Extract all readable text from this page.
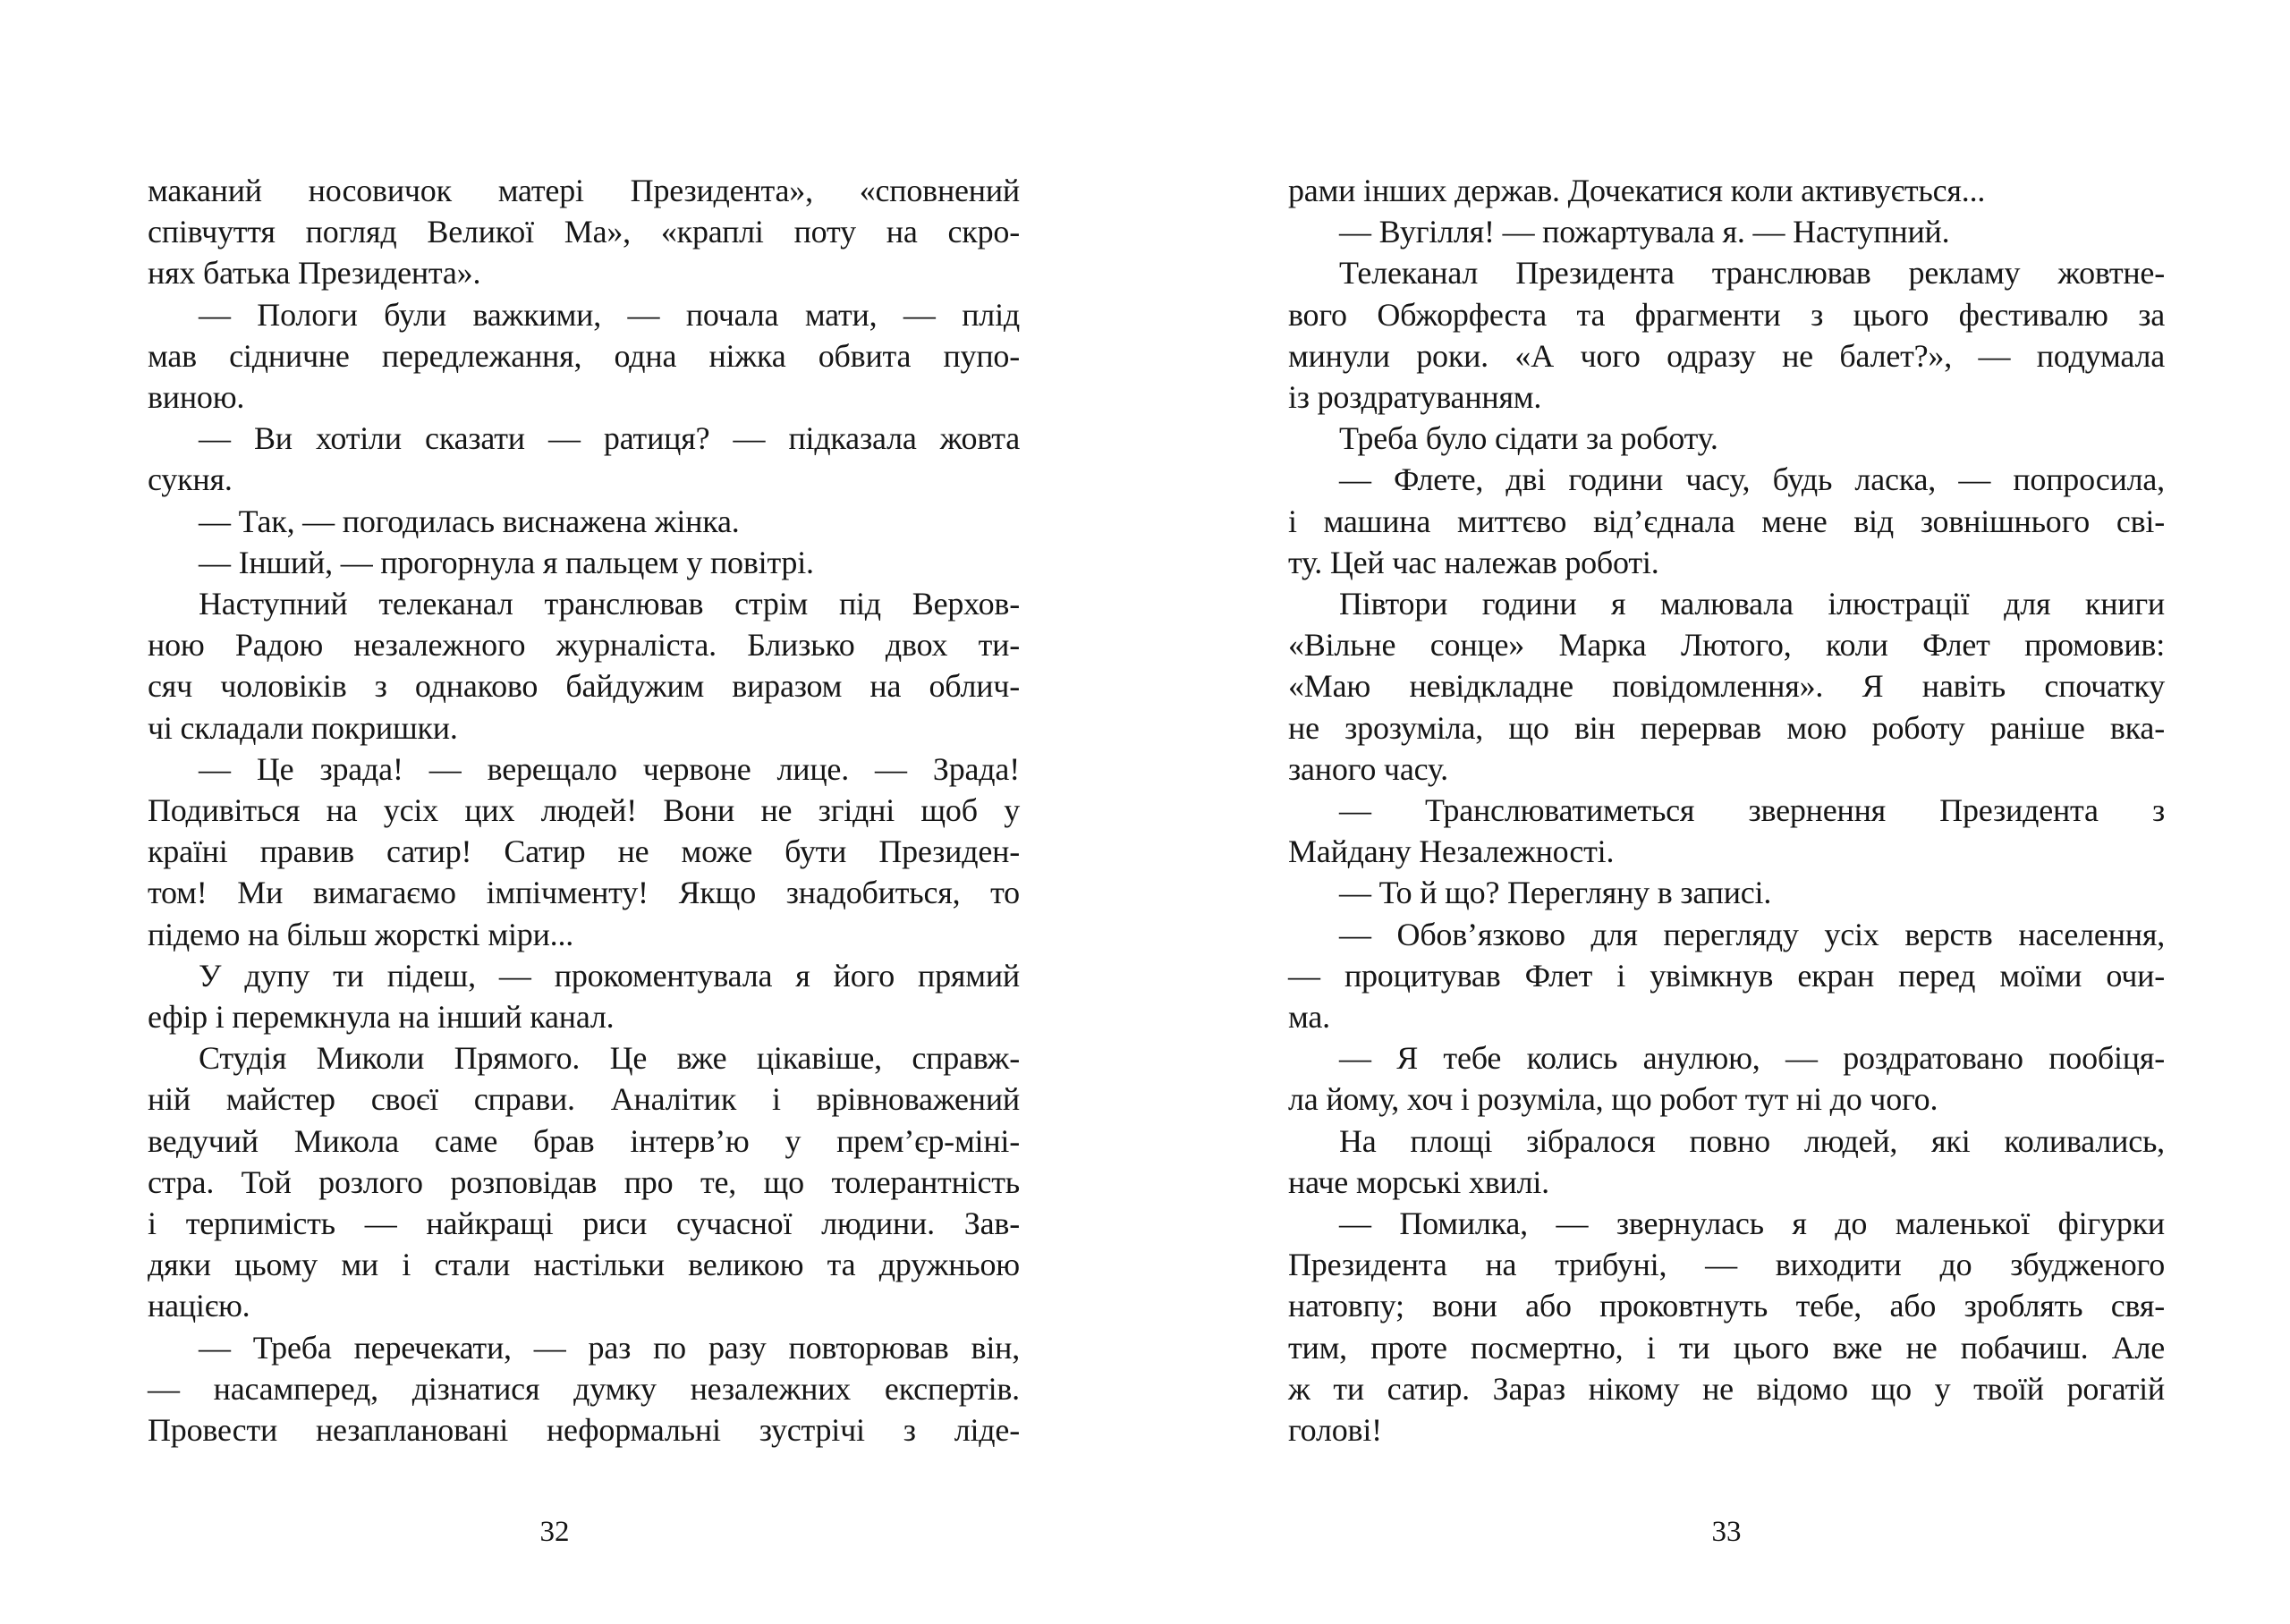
маканий носовичок матері Президента», «сповнений
співчуття погляд Великої Ма», «краплі поту на скро-
нях батька Президента».
— Пологи були важкими, — почала мати, — плід
мав сідничне передлежання, одна ніжка обвита пупо-
виною.
— Ви хотіли сказати — ратиця? — підказала жовта
сукня.
— Так, — погодилась виснажена жінка.
— Інший, — прогорнула я пальцем у повітрі.
Наступний телеканал транслював стрім під Верхов-
ною Радою незалежного журналіста. Близько двох ти-
сяч чоловіків з однаково байдужим виразом на облич-
чі складали покришки.
— Це зрада! — верещало червоне лице. — Зрада!
Подивіться на усіх цих людей! Вони не згідні щоб у
країні правив сатир! Сатир не може бути Президен-
том! Ми вимагаємо імпічменту! Якщо знадобиться, то
підемо на більш жорсткі міри...
У дупу ти підеш, — прокоментувала я його прямий
ефір і перемкнула на інший канал.
Студія Миколи Прямого. Це вже цікавіше, справж-
ній майстер своєї справи. Аналітик і врівноважений
ведучий Микола саме брав інтерв’ю у прем’єр-міні-
стра. Той розлого розповідав про те, що толерантність
і терпимість — найкращі риси сучасної людини. Зав-
дяки цьому ми і стали настільки великою та дружньою
нацією.
— Треба перечекати, — раз по разу повторював він,
— насамперед, дізнатися думку незалежних експертів.
Провести незаплановані неформальні зустрічі з ліде-
32
рами інших держав. Дочекатися коли активується...
— Вугілля! — пожартувала я. — Наступний.
Телеканал Президента транслював рекламу жовтне-
вого Обжорфеста та фрагменти з цього фестивалю за
минули роки. «А чого одразу не балет?», — подумала
із роздратуванням.
Треба було сідати за роботу.
— Флете, дві години часу, будь ласка, — попросила,
і машина миттєво від’єднала мене від зовнішнього сві-
ту. Цей час належав роботі.
Півтори години я малювала ілюстрації для книги
«Вільне сонце» Марка Лютого, коли Флет промовив:
«Маю невідкладне повідомлення». Я навіть спочатку
не зрозуміла, що він перервав мою роботу раніше вка-
заного часу.
— Транслюватиметься звернення Президента з
Майдану Незалежності.
— То й що? Перегляну в записі.
— Обов’язково для перегляду усіх верств населення,
— процитував Флет і увімкнув екран перед моїми очи-
ма.
— Я тебе колись анулюю, — роздратовано пообіця-
ла йому, хоч і розуміла, що робот тут ні до чого.
На площі зібралося повно людей, які коливались,
наче морські хвилі.
— Помилка, — звернулась я до маленької фігурки
Президента на трибуні, — виходити до збудженого
натовпу; вони або проковтнуть тебе, або зроблять свя-
тим, проте посмертно, і ти цього вже не побачиш. Але
ж ти сатир. Зараз нікому не відомо що у твоїй рогатій
голові!
33
